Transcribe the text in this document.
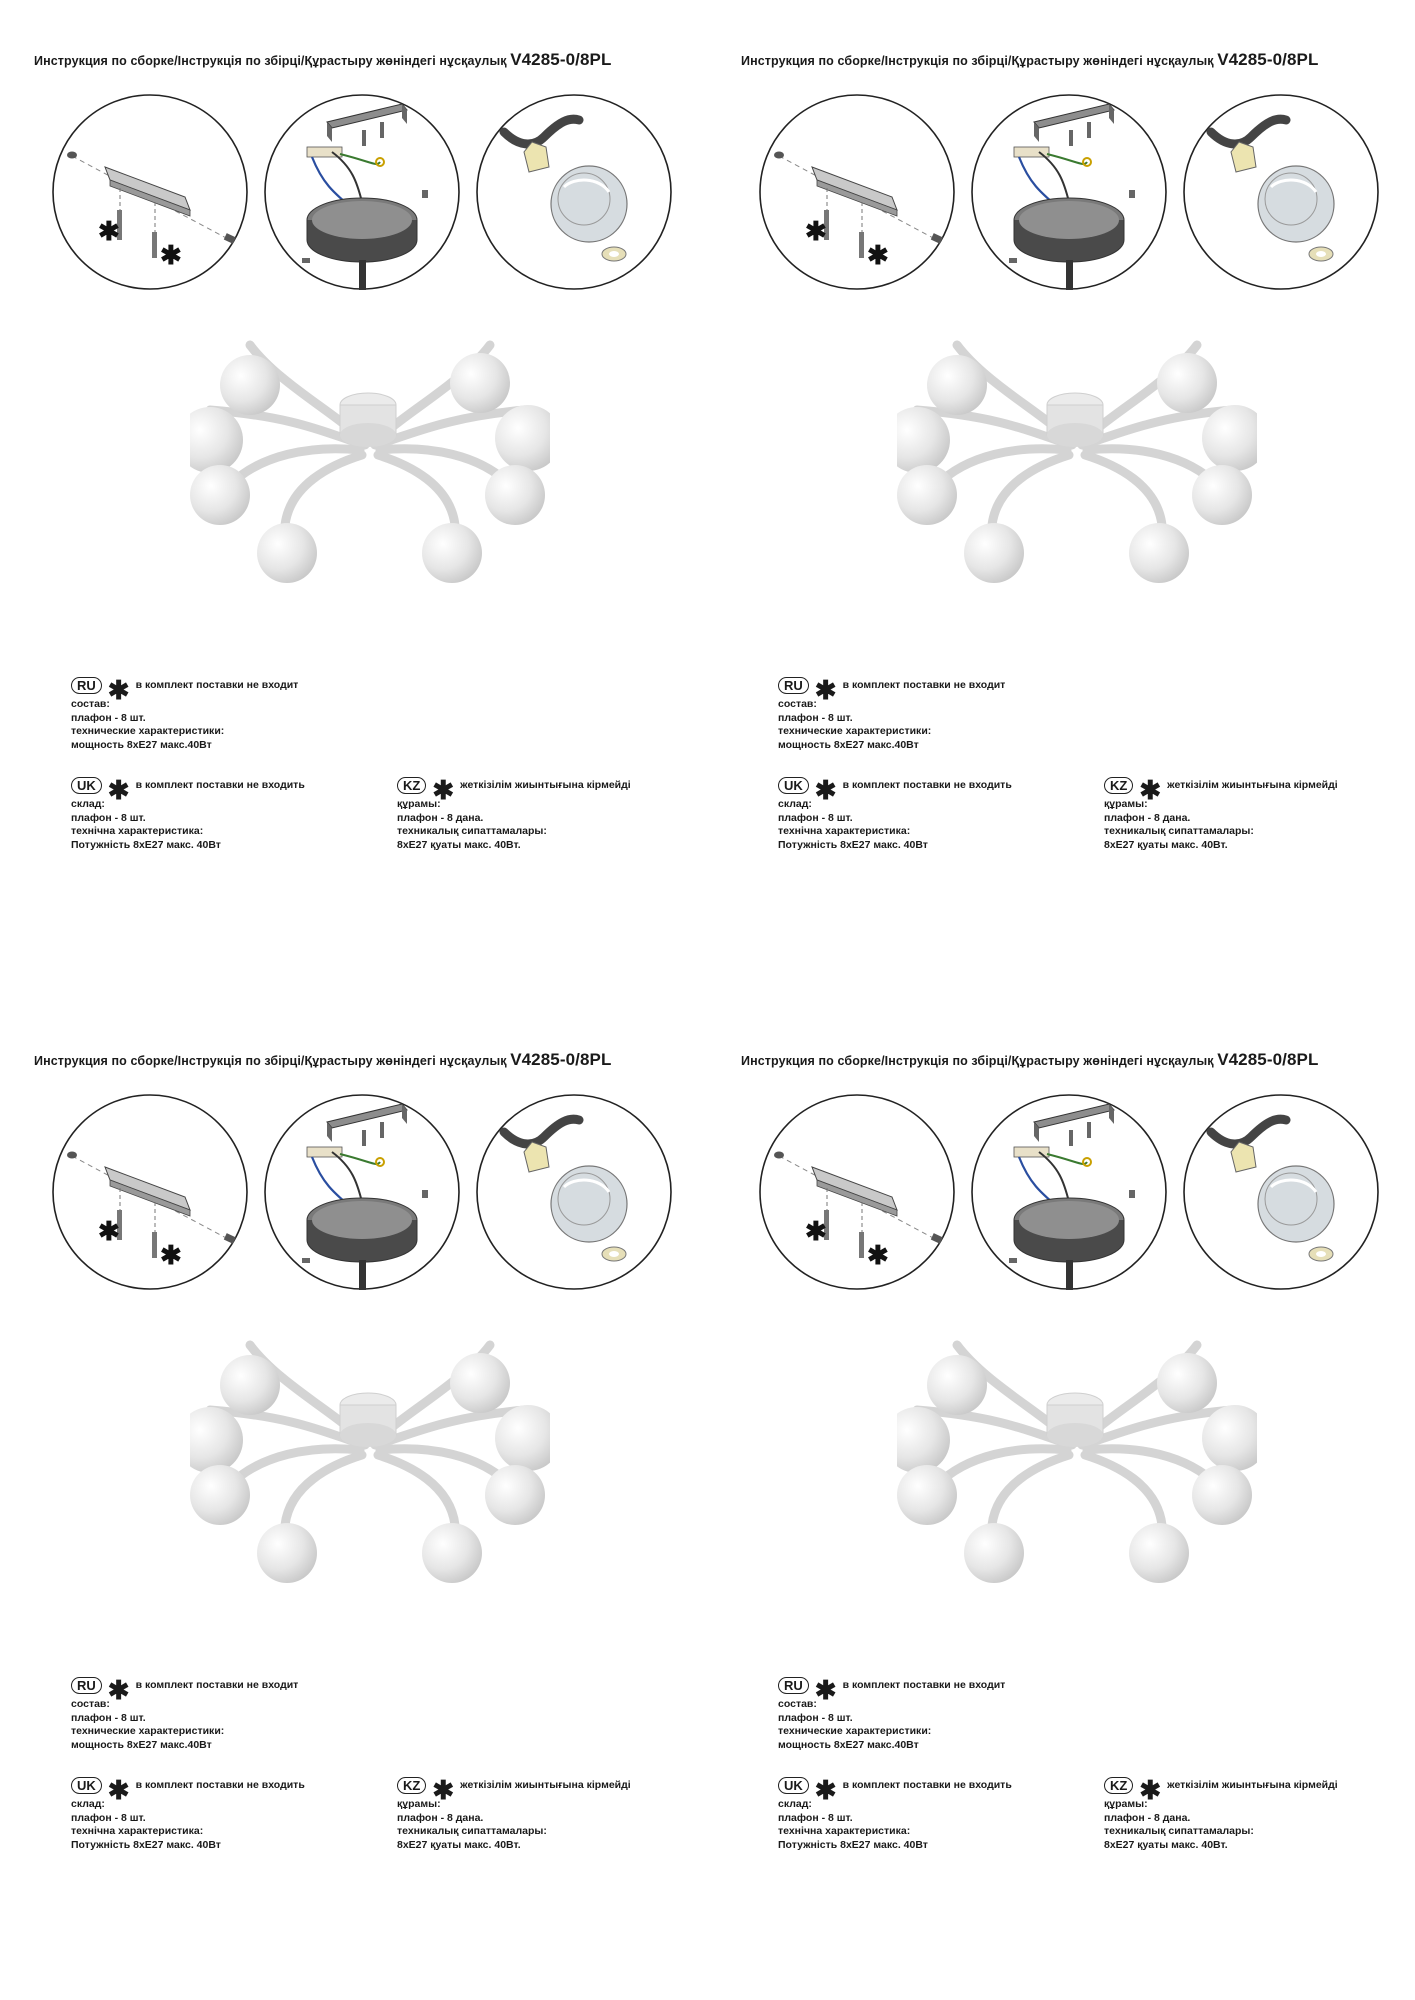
Инструкция по сборке/Інструкція по збірці/Құрастыру жөніндегі нұсқаулық V4285-0/8PL
✱
✱
RU ✱ в комплект поставки не входит
состав:
плафон - 8 шт.
технические характеристики:
мощность 8хЕ27 макс.40Вт
UK ✱ в комплект поставки не входить
склад:
плафон - 8 шт.
технічна характеристика:
Потужність 8хЕ27 макс. 40Вт
KZ ✱ жеткізілім жиынтығына кірмейді
құрамы:
плафон - 8 дана.
техникалық сипаттамалары:
8хЕ27 қуаты макс. 40Вт.
Инструкция по сборке/Інструкція по збірці/Құрастыру жөніндегі нұсқаулық V4285-0/8PL
✱
✱
RU ✱ в комплект поставки не входит
состав:
плафон - 8 шт.
технические характеристики:
мощность 8хЕ27 макс.40Вт
UK ✱ в комплект поставки не входить
склад:
плафон - 8 шт.
технічна характеристика:
Потужність 8хЕ27 макс. 40Вт
KZ ✱ жеткізілім жиынтығына кірмейді
құрамы:
плафон - 8 дана.
техникалық сипаттамалары:
8хЕ27 қуаты макс. 40Вт.
Инструкция по сборке/Інструкція по збірці/Құрастыру жөніндегі нұсқаулық V4285-0/8PL
✱
✱
RU ✱ в комплект поставки не входит
состав:
плафон - 8 шт.
технические характеристики:
мощность 8хЕ27 макс.40Вт
UK ✱ в комплект поставки не входить
склад:
плафон - 8 шт.
технічна характеристика:
Потужність 8хЕ27 макс. 40Вт
KZ ✱ жеткізілім жиынтығына кірмейді
құрамы:
плафон - 8 дана.
техникалық сипаттамалары:
8хЕ27 қуаты макс. 40Вт.
Инструкция по сборке/Інструкція по збірці/Құрастыру жөніндегі нұсқаулық V4285-0/8PL
✱
✱
RU ✱ в комплект поставки не входит
состав:
плафон - 8 шт.
технические характеристики:
мощность 8хЕ27 макс.40Вт
UK ✱ в комплект поставки не входить
склад:
плафон - 8 шт.
технічна характеристика:
Потужність 8хЕ27 макс. 40Вт
KZ ✱ жеткізілім жиынтығына кірмейді
құрамы:
плафон - 8 дана.
техникалық сипаттамалары:
8хЕ27 қуаты макс. 40Вт.
